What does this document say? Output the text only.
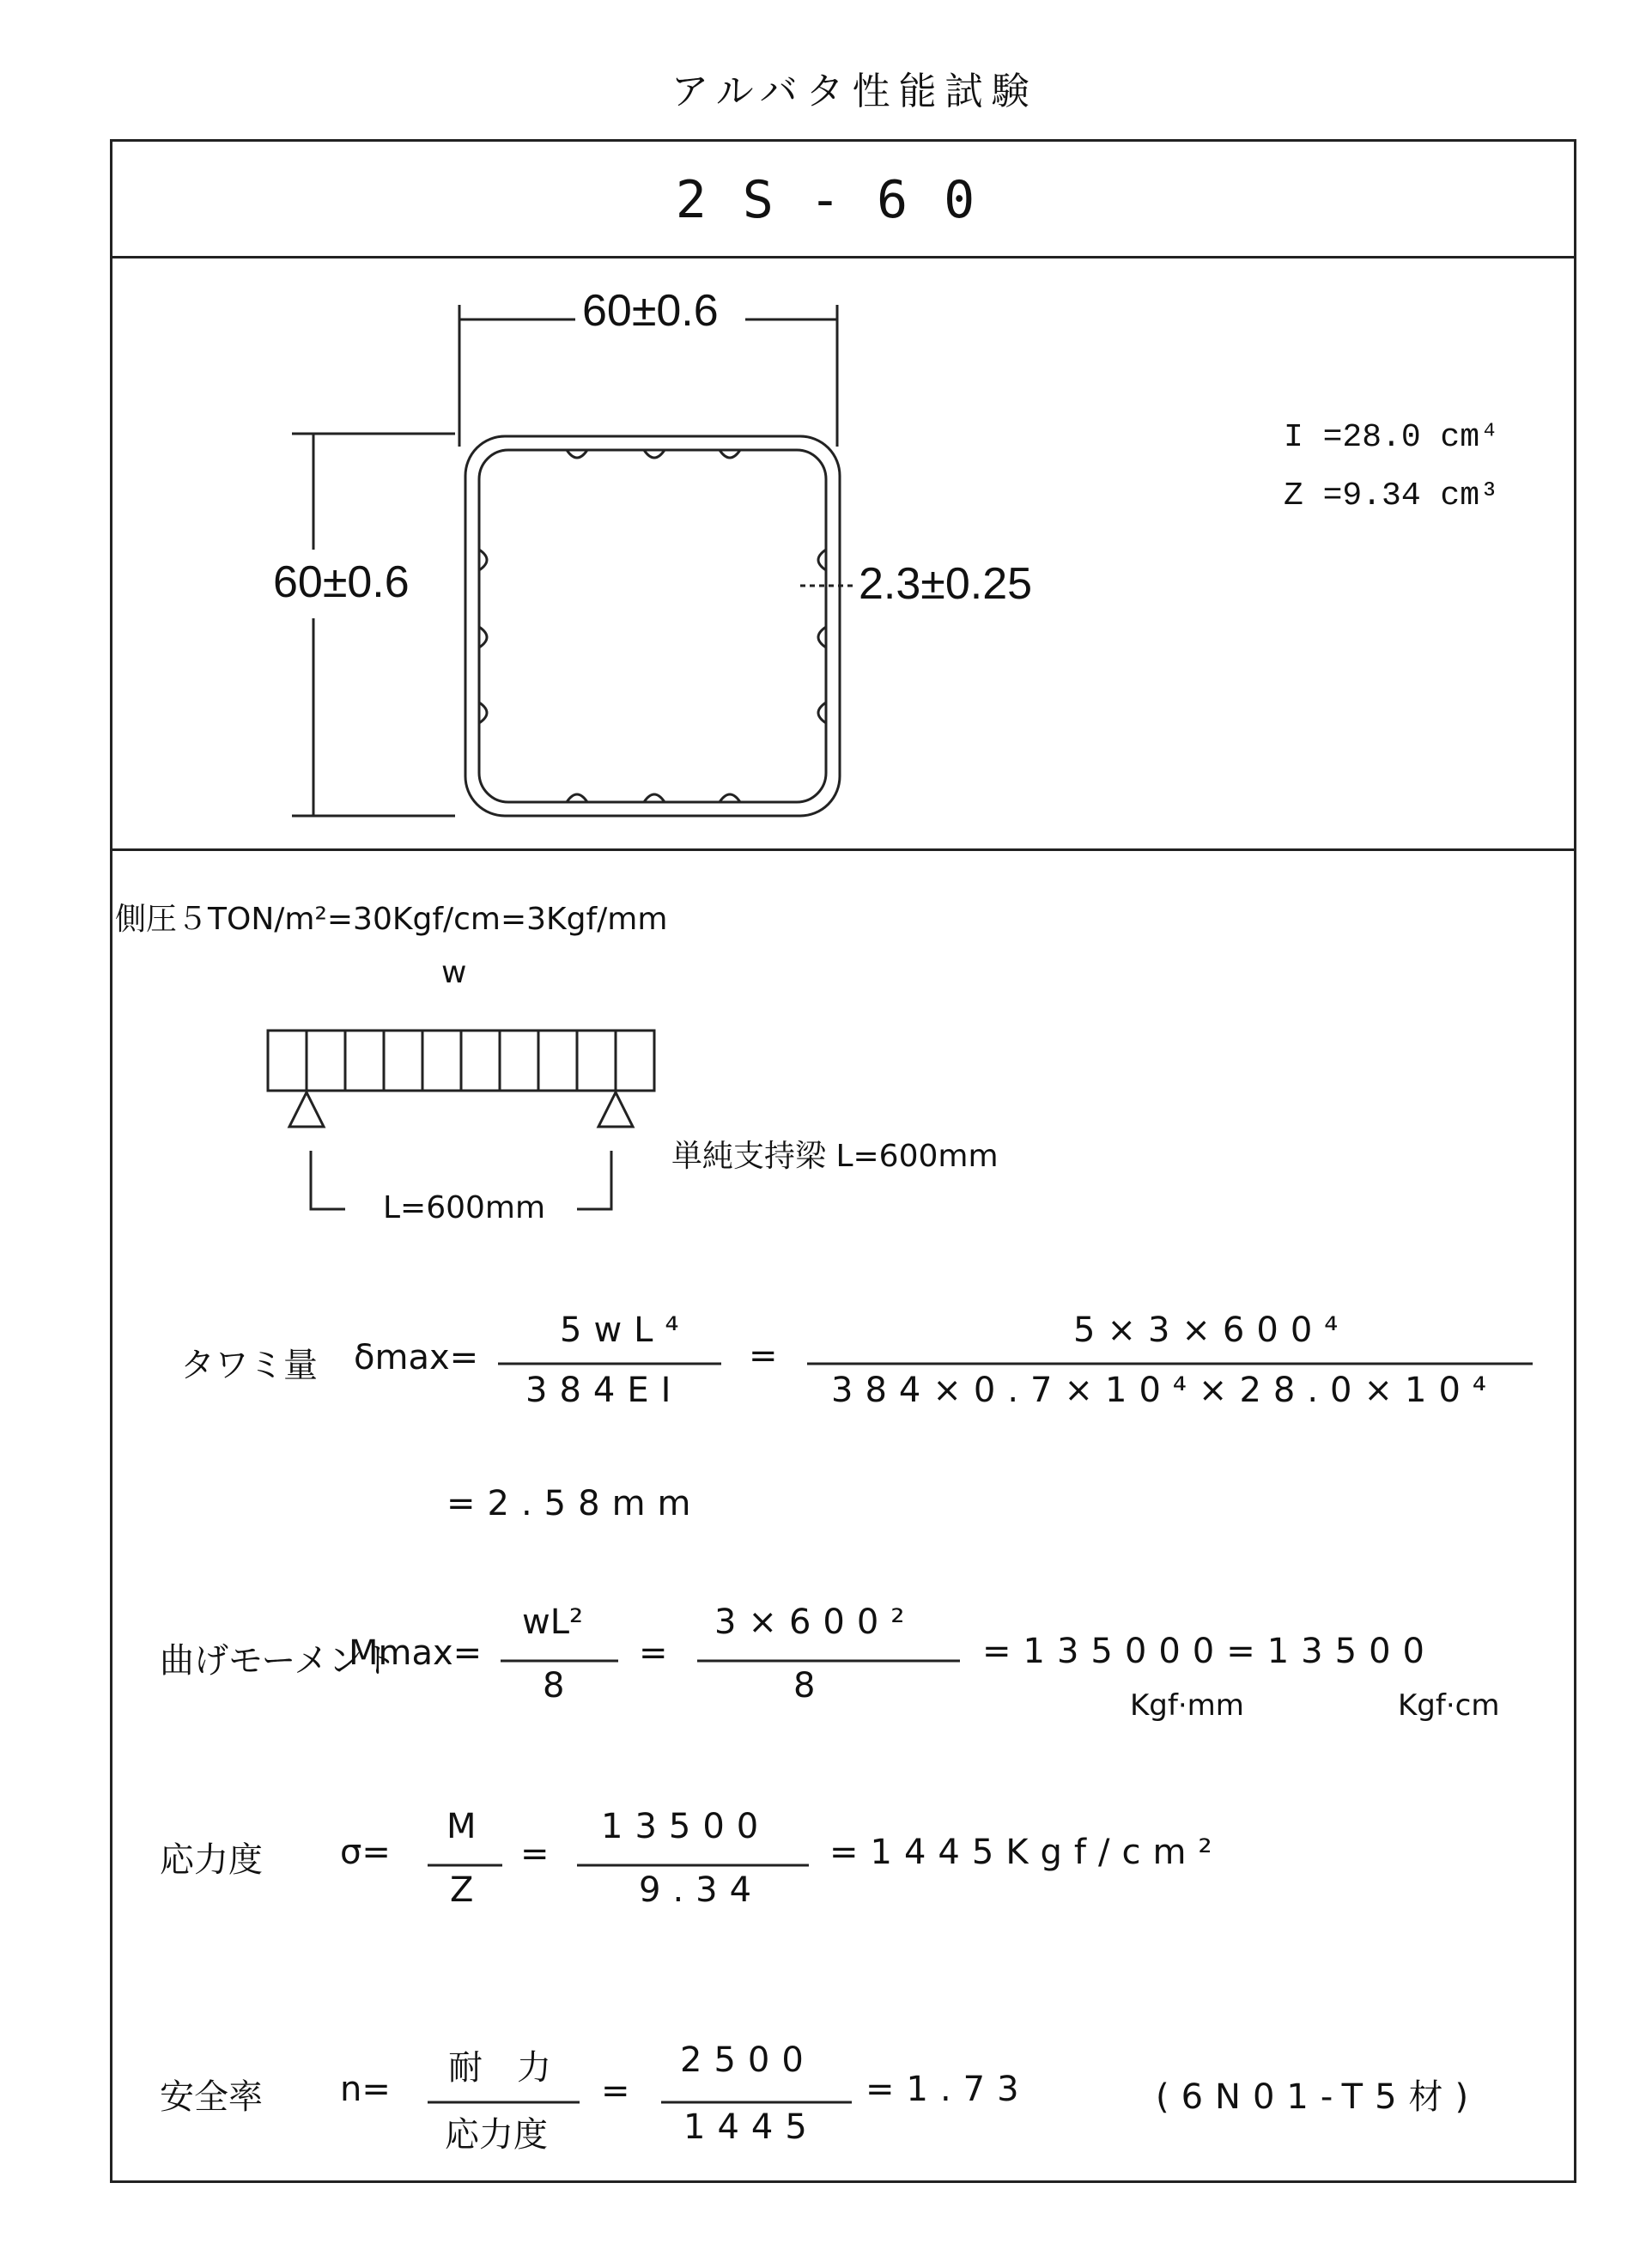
アルバタ性能試験
2S-60
60±0.6
60±0.6	2.3±0.25
I =28.0 cm⁴
Z =9.34 cm³
側圧５TON/m²=30Kgf/cm=3Kgf/mm
w
L=600mm
単純支持梁 L=600mm
タワミ量 δmax=
5wL⁴
384EI
=
5×3×600⁴
384×0.7×10⁴×28.0×10⁴
=2.58mm
曲げモーメント
Mmax=
wL²
8
=
3×600²
8
=135000=13500
Kgf·mm	Kgf·cm
応力度 σ=
M
Z
=
13500
9.34
=1445Kgf/cm²
安全率 n=
耐　力
応力度
=
2500
1445
=1.73	(6N01-T5材)
